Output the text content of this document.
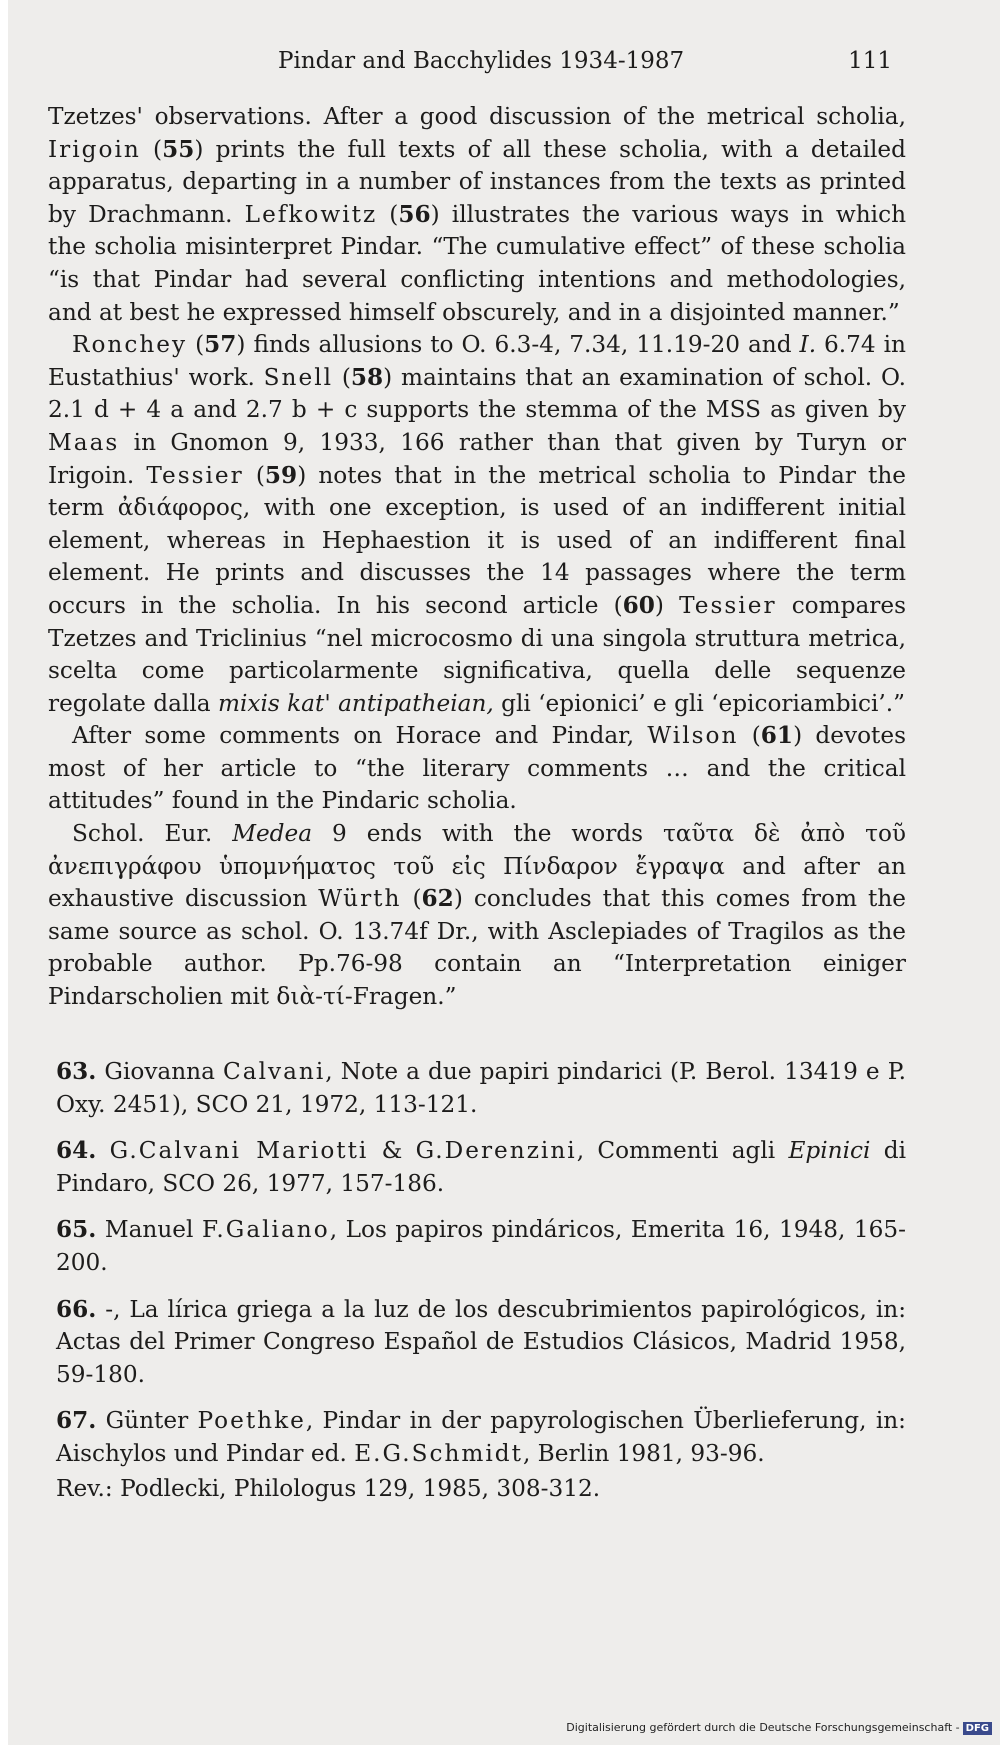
Pindar and Bacchylides 1934-1987	111

Tzetzes' observations. After a good discussion of the metrical scholia, Irigoin (55) prints the full texts of all these scholia, with a detailed apparatus, departing in a number of instances from the texts as printed by Drachmann. Lefkowitz (56) illustrates the various ways in which the scholia misinterpret Pindar. “The cumulative effect” of these scholia “is that Pindar had several conflicting intentions and methodologies, and at best he expressed himself obscurely, and in a disjointed manner.”

Ronchey (57) finds allusions to O. 6.3-4, 7.34, 11.19-20 and I. 6.74 in Eustathius' work. Snell (58) maintains that an examination of schol. O. 2.1 d + 4 a and 2.7 b + c supports the stemma of the MSS as given by Maas in Gnomon 9, 1933, 166 rather than that given by Turyn or Irigoin. Tessier (59) notes that in the metrical scholia to Pindar the term ἀδιάφορος, with one exception, is used of an indifferent initial element, whereas in Hephaestion it is used of an indifferent final element. He prints and discusses the 14 passages where the term occurs in the scholia. In his second article (60) Tessier compares Tzetzes and Triclinius “nel microcosmo di una singola struttura metrica, scelta come particolarmente significativa, quella delle sequenze regolate dalla mixis kat' antipatheian, gli ‘epionici’ e gli ‘epicoriambici’.”

After some comments on Horace and Pindar, Wilson (61) devotes most of her article to “the literary comments … and the critical attitudes” found in the Pindaric scholia.

Schol. Eur. Medea 9 ends with the words ταῦτα δὲ ἀπὸ τοῦ ἀνεπιγράφου ὑπομνήματος τοῦ εἰς Πίνδαρον ἔγραψα and after an exhaustive discussion Würth (62) concludes that this comes from the same source as schol. O. 13.74f Dr., with Asclepiades of Tragilos as the probable author. Pp.76-98 contain an “Interpretation einiger Pindarscholien mit διὰ-τί-Fragen.”

63. Giovanna Calvani, Note a due papiri pindarici (P. Berol. 13419 e P. Oxy. 2451), SCO 21, 1972, 113-121.

64. G.Calvani Mariotti & G.Derenzini, Commenti agli Epinici di Pindaro, SCO 26, 1977, 157-186.

65. Manuel F.Galiano, Los papiros pindáricos, Emerita 16, 1948, 165-200.

66. -, La lírica griega a la luz de los descubrimientos papirológicos, in: Actas del Primer Congreso Español de Estudios Clásicos, Madrid 1958, 59-180.

67. Günter Poethke, Pindar in der papyrologischen Überlieferung, in: Aischylos und Pindar ed. E.G.Schmidt, Berlin 1981, 93-96.

Rev.: Podlecki, Philologus 129, 1985, 308-312.

Digitalisierung gefördert durch die Deutsche Forschungsgemeinschaft - DFG
